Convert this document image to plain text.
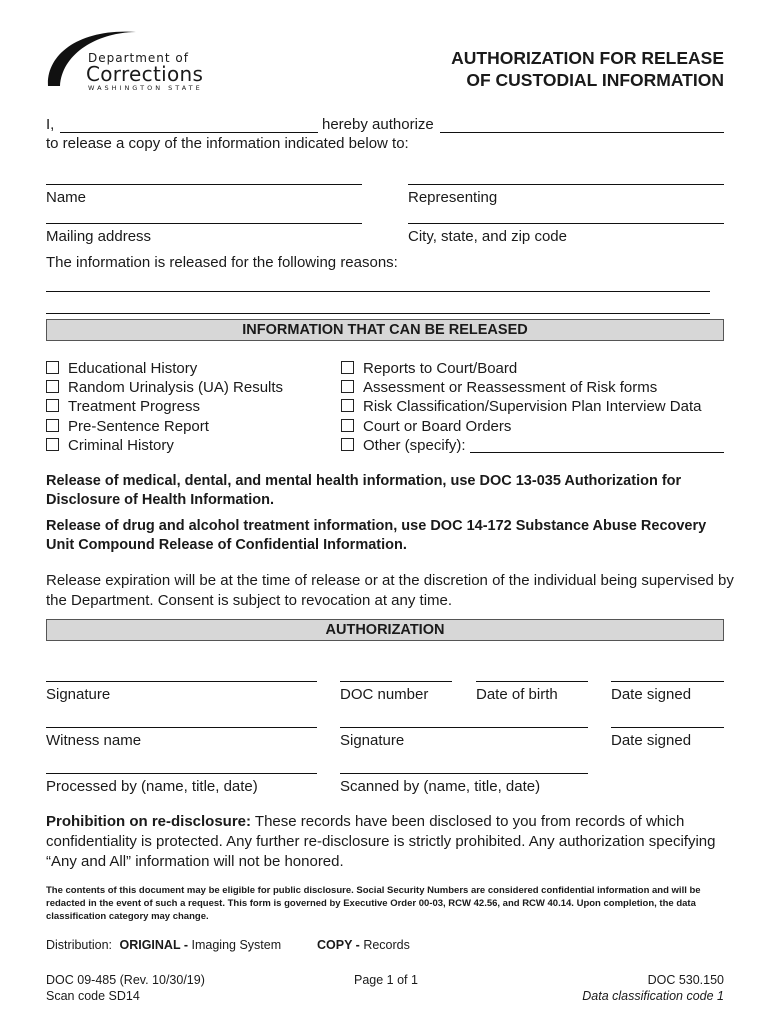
Department of
Corrections
WASHINGTON STATE
AUTHORIZATION FOR RELEASE
OF CUSTODIAL INFORMATION
I,	hereby authorize
to release a copy of the information indicated below to:
Name	Representing
Mailing address	City, state, and zip code
The information is released for the following reasons:
INFORMATION THAT CAN BE RELEASED
Educational History
Random Urinalysis (UA) Results
Treatment Progress
Pre-Sentence Report
Criminal History
Reports to Court/Board
Assessment or Reassessment of Risk forms
Risk Classification/Supervision Plan Interview Data
Court or Board Orders
Other (specify):
Release of medical, dental, and mental health information, use DOC 13-035 Authorization for Disclosure of Health Information.
Release of drug and alcohol treatment information, use DOC 14-172 Substance Abuse Recovery Unit Compound Release of Confidential Information.
Release expiration will be at the time of release or at the discretion of the individual being supervised by the Department. Consent is subject to revocation at any time.
AUTHORIZATION
Signature	DOC number	Date of birth	Date signed
Witness name	Signature	Date signed
Processed by (name, title, date)	Scanned by (name, title, date)
Prohibition on re-disclosure: These records have been disclosed to you from records of which confidentiality is protected. Any further re-disclosure is strictly prohibited. Any authorization specifying “Any and All” information will not be honored.
The contents of this document may be eligible for public disclosure. Social Security Numbers are considered confidential information and will be redacted in the event of such a request. This form is governed by Executive Order 00-03, RCW 42.56, and RCW 40.14. Upon completion, the data classification category may change.
Distribution: ORIGINAL - Imaging System	COPY - Records
DOC 09-485 (Rev. 10/30/19)
Scan code SD14
Page 1 of 1	DOC 530.150
Data classification code 1
